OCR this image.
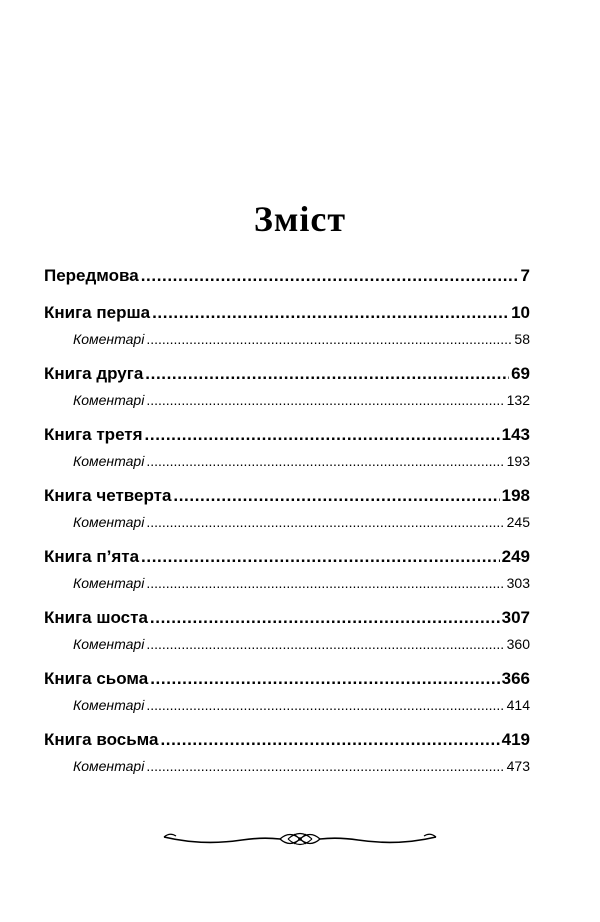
Зміст
Передмова .....	7
Книга перша .....	10
Коментарі .....	58
Книга друга .....	69
Коментарі .....	132
Книга третя .....	143
Коментарі .....	193
Книга четверта .....	198
Коментарі .....	245
Книга п’ята .....	249
Коментарі .....	303
Книга шоста .....	307
Коментарі .....	360
Книга сьома .....	366
Коментарі .....	414
Книга восьма .....	419
Коментарі .....	473
